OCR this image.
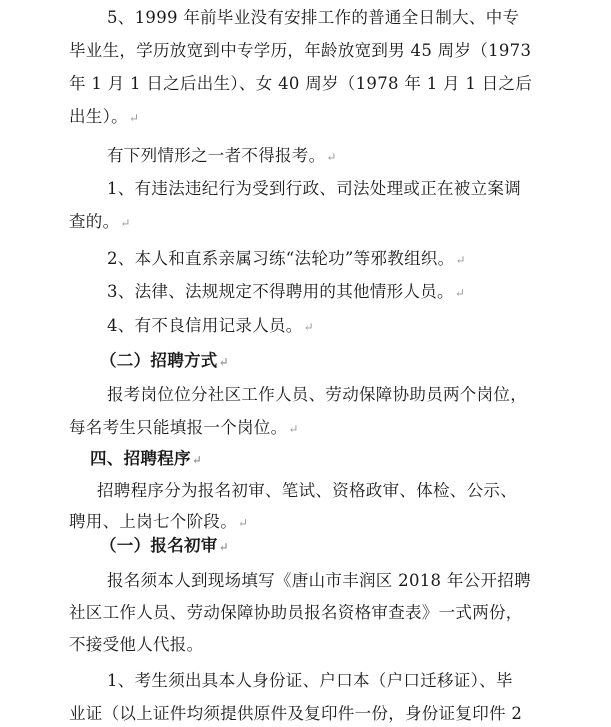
5、1999 年前毕业没有安排工作的普通全日制大、中专
毕业生，学历放宽到中专学历，年龄放宽到男 45 周岁（1973
年 1 月 1 日之后出生）、女 40 周岁（1978 年 1 月 1 日之后
出生）。↵
有下列情形之一者不得报考。↵
1、有违法违纪行为受到行政、司法处理或正在被立案调
查的。↵
2、本人和直系亲属习练“法轮功”等邪教组织。↵
3、法律、法规规定不得聘用的其他情形人员。↵
4、有不良信用记录人员。↵
（二）招聘方式↵
报考岗位位分社区工作人员、劳动保障协助员两个岗位，
每名考生只能填报一个岗位。↵
四、招聘程序↵
招聘程序分为报名初审、笔试、资格政审、体检、公示、
聘用、上岗七个阶段。↵
（一）报名初审↵
报名须本人到现场填写《唐山市丰润区 2018 年公开招聘
社区工作人员、劳动保障协助员报名资格审查表》一式两份，
不接受他人代报。
1、考生须出具本人身份证、户口本（户口迁移证）、毕
业证（以上证件均须提供原件及复印件一份，身份证复印件 2
